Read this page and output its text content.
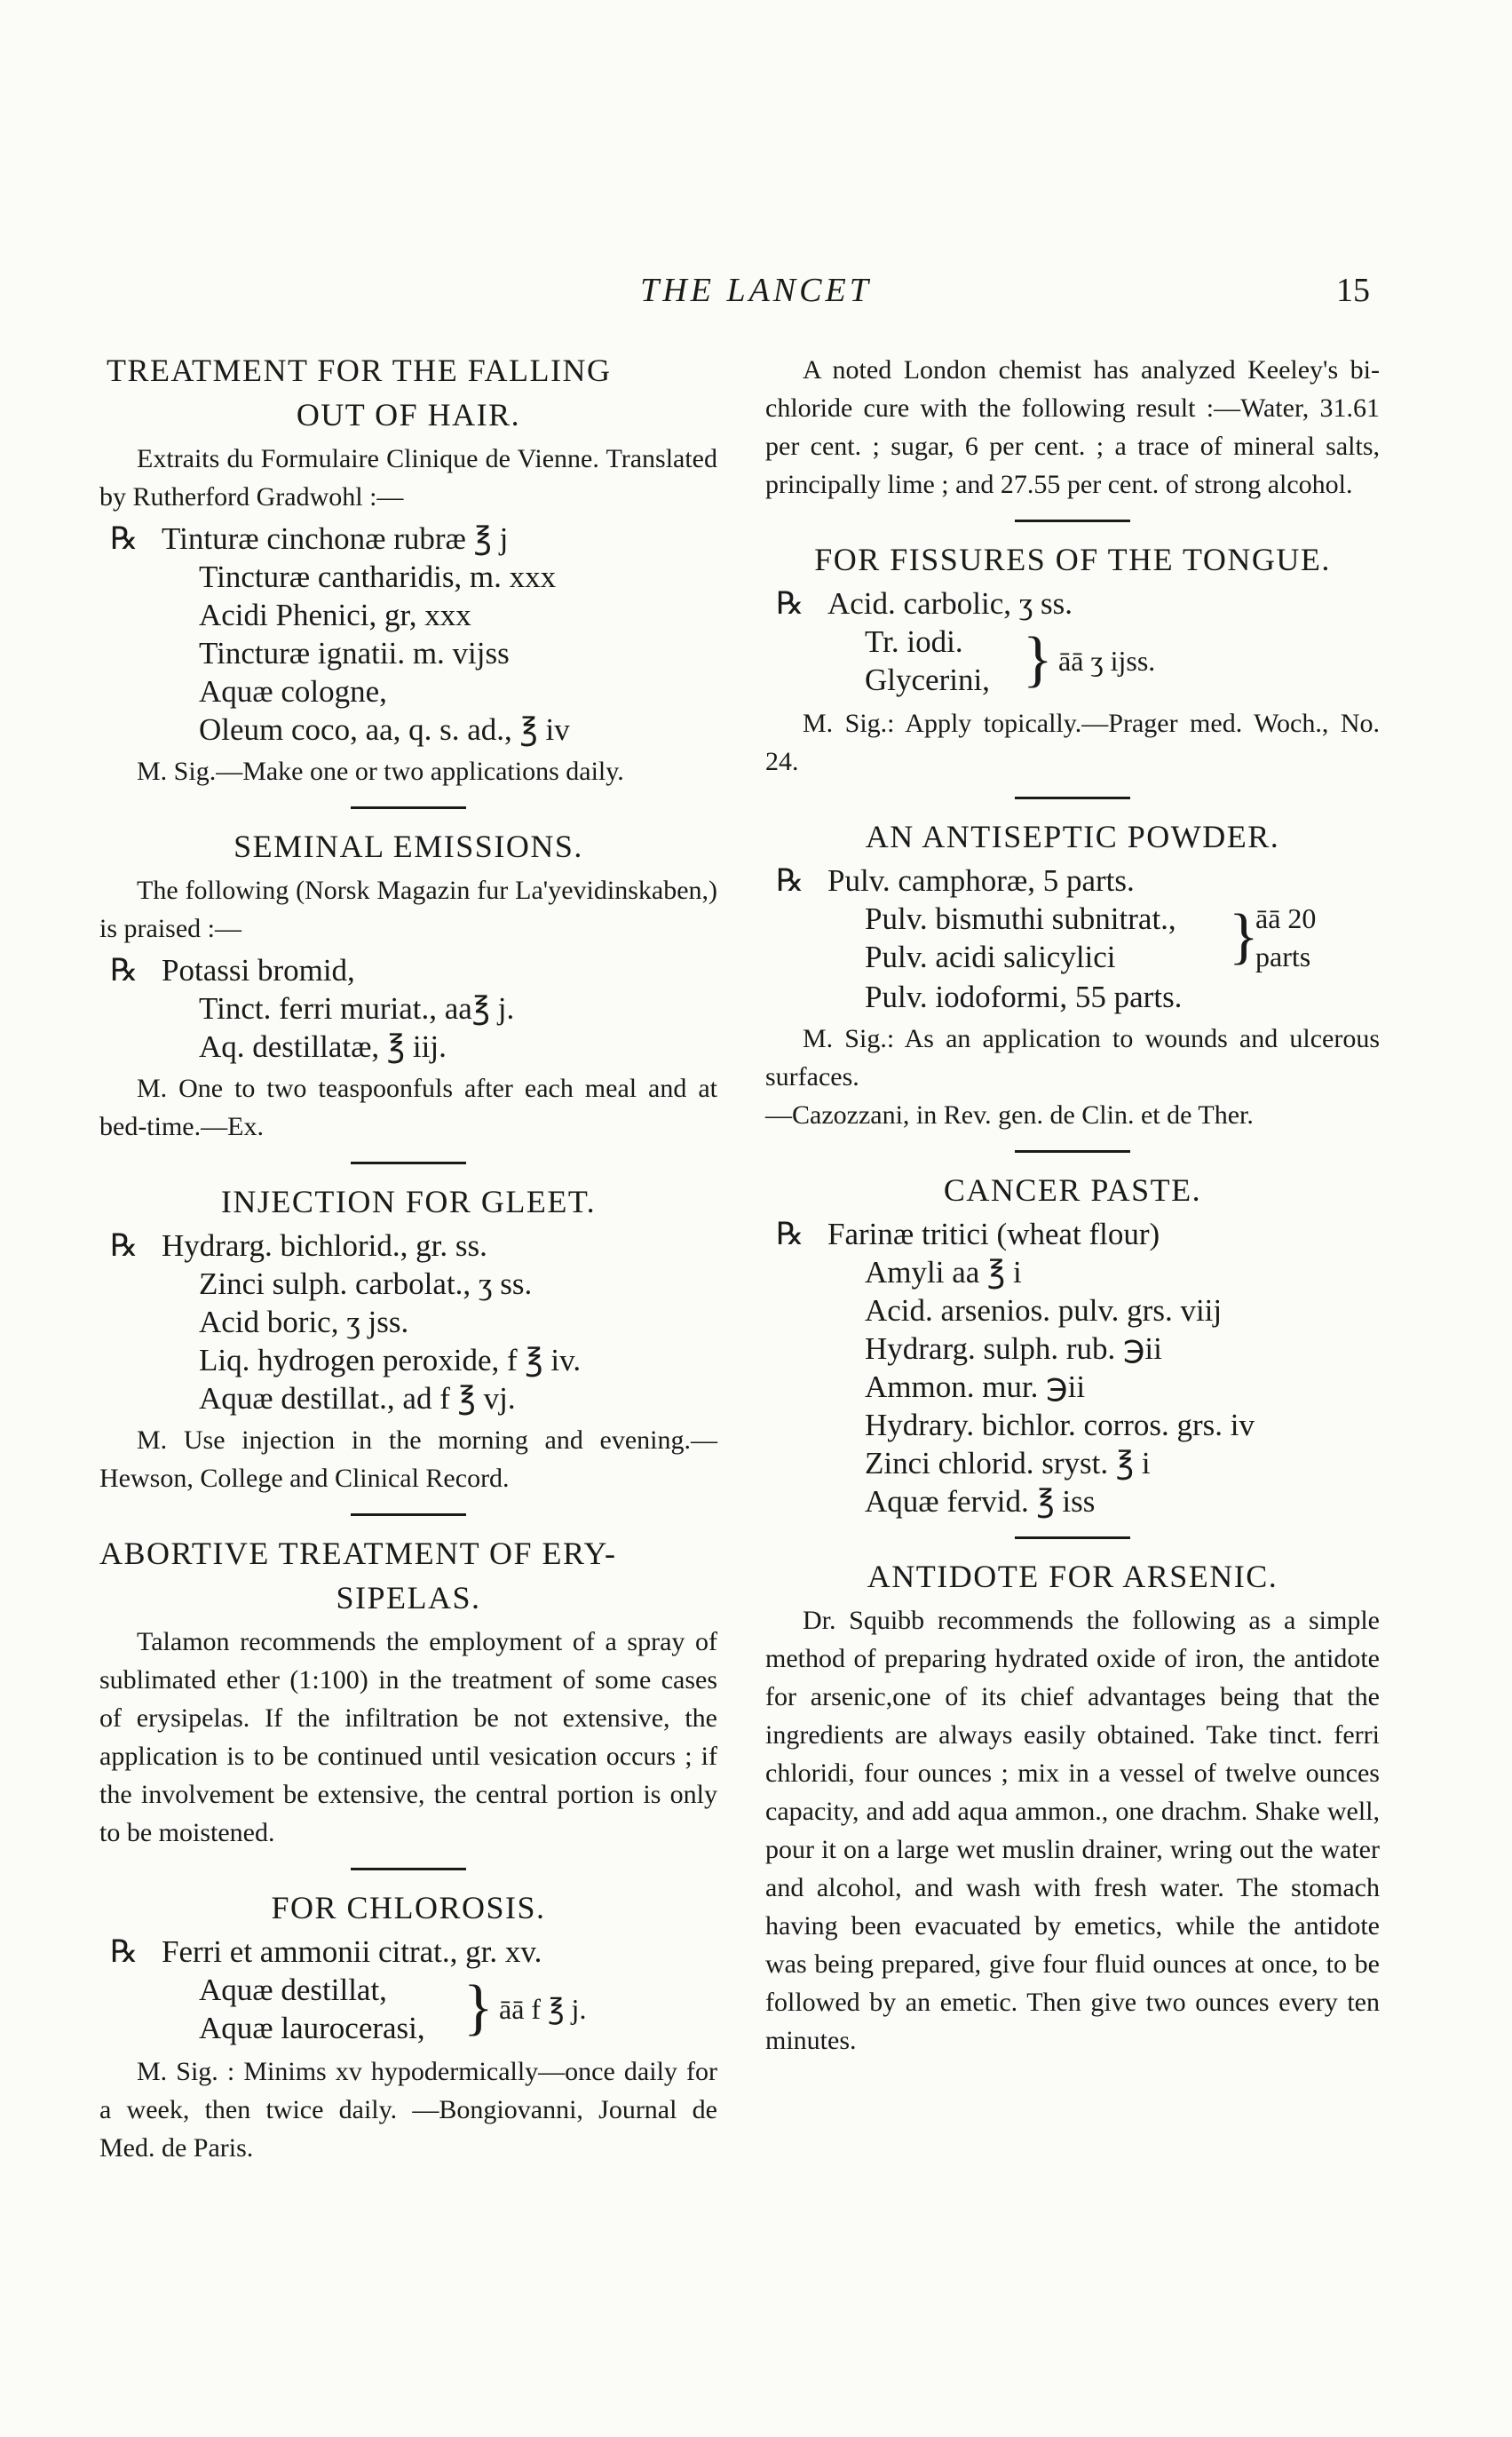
THE LANCET	15
TREATMENT FOR THE FALLING
OUT OF HAIR.

Extraits du Formulaire Clinique de Vienne. Translated by Rutherford Gradwohl :—

℞ Tinturæ cinchonæ rubræ ℥ j
Tincturæ cantharidis, m. xxx
Acidi Phenici, gr, xxx
Tincturæ ignatii. m. vijss
Aquæ cologne,
Oleum coco, aa, q. s. ad., ℥ iv

M. Sig.—Make one or two applications daily.

SEMINAL EMISSIONS.

The following (Norsk Magazin fur La'yevidinskaben,) is praised :—

℞ Potassi bromid,
Tinct. ferri muriat., aa℥ j.
Aq. destillatæ, ℥ iij.

M. One to two teaspoonfuls after each meal and at bed-time.—Ex.

INJECTION FOR GLEET.
℞ Hydrarg. bichlorid., gr. ss.
Zinci sulph. carbolat., ʒ ss.
Acid boric, ʒ jss.
Liq. hydrogen peroxide, f ℥ iv.
Aquæ destillat., ad f ℥ vj.

M. Use injection in the morning and evening.—Hewson, College and Clinical Record.

ABORTIVE TREATMENT OF ERY-
SIPELAS.

Talamon recommends the employment of a spray of sublimated ether (1:100) in the treatment of some cases of erysipelas. If the infiltration be not extensive, the application is to be continued until vesication occurs ; if the involvement be extensive, the central portion is only to be moistened.

FOR CHLOROSIS.
℞ Ferri et ammonii citrat., gr. xv.
Aquæ destillat,
Aquæ laurocerasi, } āā f ℥ j.

M. Sig. : Minims xv hypodermically—once daily for a week, then twice daily. —Bongiovanni, Journal de Med. de Paris.

A noted London chemist has analyzed Keeley's bi-chloride cure with the following result :—Water, 31.61 per cent. ; sugar, 6 per cent. ; a trace of mineral salts, principally lime ; and 27.55 per cent. of strong alcohol.

FOR FISSURES OF THE TONGUE.
℞ Acid. carbolic, ʒ ss.
Tr. iodi.
Glycerini, } āā ʒ ijss.

M. Sig.: Apply topically.—Prager med. Woch., No. 24.

AN ANTISEPTIC POWDER.
℞ Pulv. camphoræ, 5 parts.
Pulv. bismuthi subnitrat.,
Pulv. acidi salicylici	}
āā 20
parts
Pulv. iodoformi, 55 parts.

M. Sig.: As an application to wounds and ulcerous surfaces.

—Cazozzani, in Rev. gen. de Clin. et de Ther.

CANCER PASTE.
℞ Farinæ tritici (wheat flour)
Amyli aa ℥ i
Acid. arsenios. pulv. grs. viij
Hydrarg. sulph. rub. ℈ii
Ammon. mur. ℈ii
Hydrary. bichlor. corros. grs. iv
Zinci chlorid. sryst. ℥ i
Aquæ fervid. ℥ iss
ANTIDOTE FOR ARSENIC.

Dr. Squibb recommends the following as a simple method of preparing hydrated oxide of iron, the antidote for arsenic,one of its chief advantages being that the ingredients are always easily obtained. Take tinct. ferri chloridi, four ounces ; mix in a vessel of twelve ounces capacity, and add aqua ammon., one drachm. Shake well, pour it on a large wet muslin drainer, wring out the water and alcohol, and wash with fresh water. The stomach having been evacuated by emetics, while the antidote was being prepared, give four fluid ounces at once, to be followed by an emetic. Then give two ounces every ten minutes.
